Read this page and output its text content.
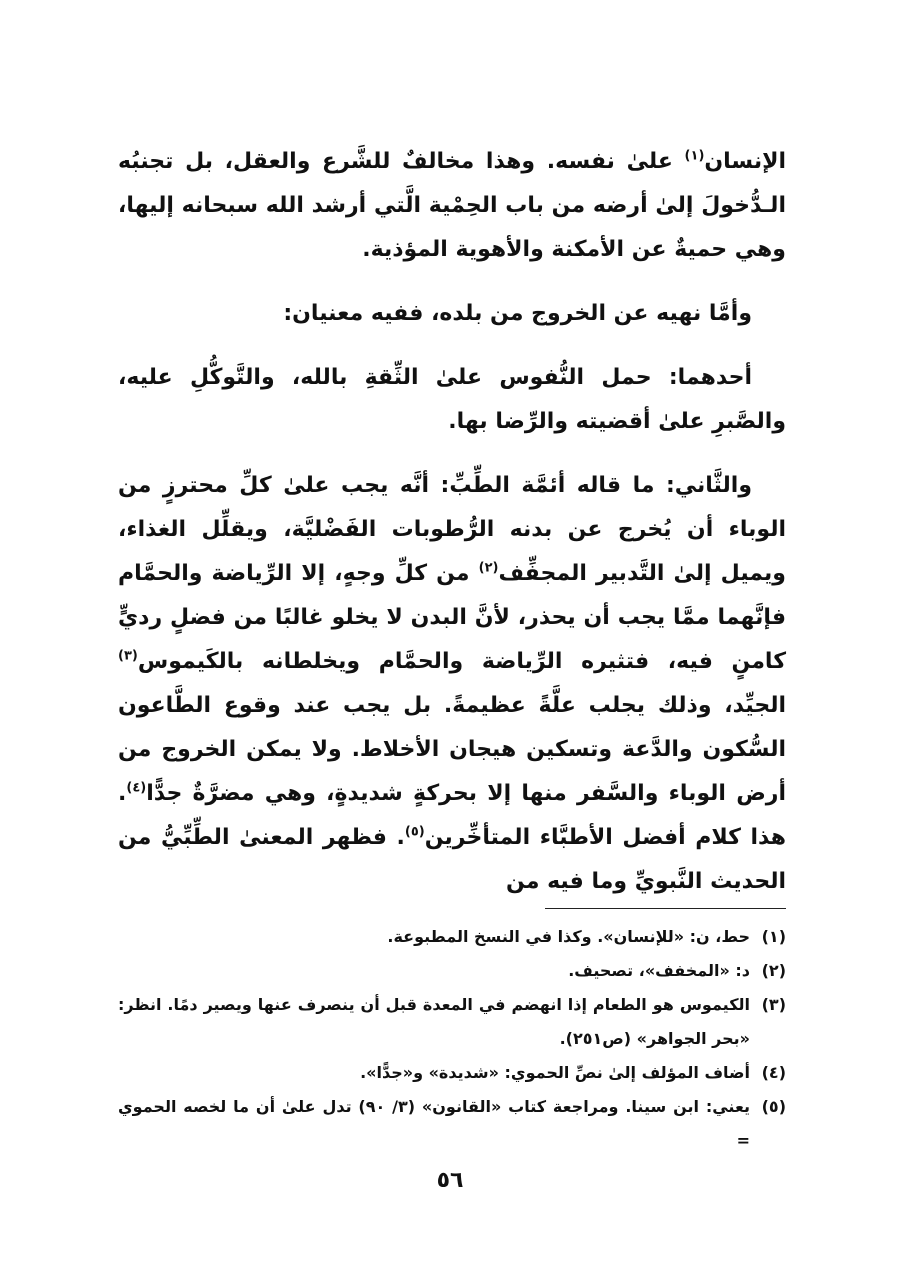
الإنسان$^{(١)}$ علىٰ نفسه. وهذا مخالفٌ للشَّرع والعقل، بل تجنبُه الـدُّخولَ إلىٰ أرضه من باب الحِمْية الَّتي أرشد الله سبحانه إليها، وهي حميةٌ عن الأمكنة والأهوية المؤذية.

وأمَّا نهيه عن الخروج من بلده، ففيه معنيان:

أحدهما: حمل النُّفوس علىٰ الثِّقةِ بالله، والتَّوكُّلِ عليه، والصَّبرِ علىٰ أقضيته والرِّضا بها.

والثَّاني: ما قاله أئمَّة الطِّبِّ: أنَّه يجب علىٰ كلِّ محترزٍ من الوباء أن يُخرج عن بدنه الرُّطوبات الفَضْليَّة، ويقلِّل الغذاء، ويميل إلىٰ التَّدبير المجفِّف$^{(٢)}$ من كلِّ وجهٍ، إلا الرِّياضة والحمَّام فإنَّهما ممَّا يجب أن يحذر، لأنَّ البدن لا يخلو غالبًا من فضلٍ رديٍّ كامنٍ فيه، فتثيره الرِّياضة والحمَّام ويخلطانه بالكَيموس$^{(٣)}$ الجيِّد، وذلك يجلب علَّةً عظيمةً. بل يجب عند وقوع الطَّاعون السُّكون والدَّعة وتسكين هيجان الأخلاط. ولا يمكن الخروج من أرض الوباء والسَّفر منها إلا بحركةٍ شديدةٍ، وهي مضرَّةٌ جدًّا$^{(٤)}$. هذا كلام أفضل الأطبَّاء المتأخِّرين$^{(٥)}$. فظهر المعنىٰ الطِّبِّيُّ من الحديث النَّبويِّ وما فيه من

(١)
حط، ن: «للإنسان». وكذا في النسخ المطبوعة.
(٢)
د: «المخفف»، تصحيف.
(٣)
الكيموس هو الطعام إذا انهضم في المعدة قبل أن ينصرف عنها ويصير دمًا. انظر: «بحر الجواهر» (ص٢٥١).
(٤)
أضاف المؤلف إلىٰ نصِّ الحموي: «شديدة» و«جدًّا».
(٥)
يعني: ابن سينا. ومراجعة كتاب «القانون» (٣/ ٩٠) تدل علىٰ أن ما لخصه الحموي =
٥٦
